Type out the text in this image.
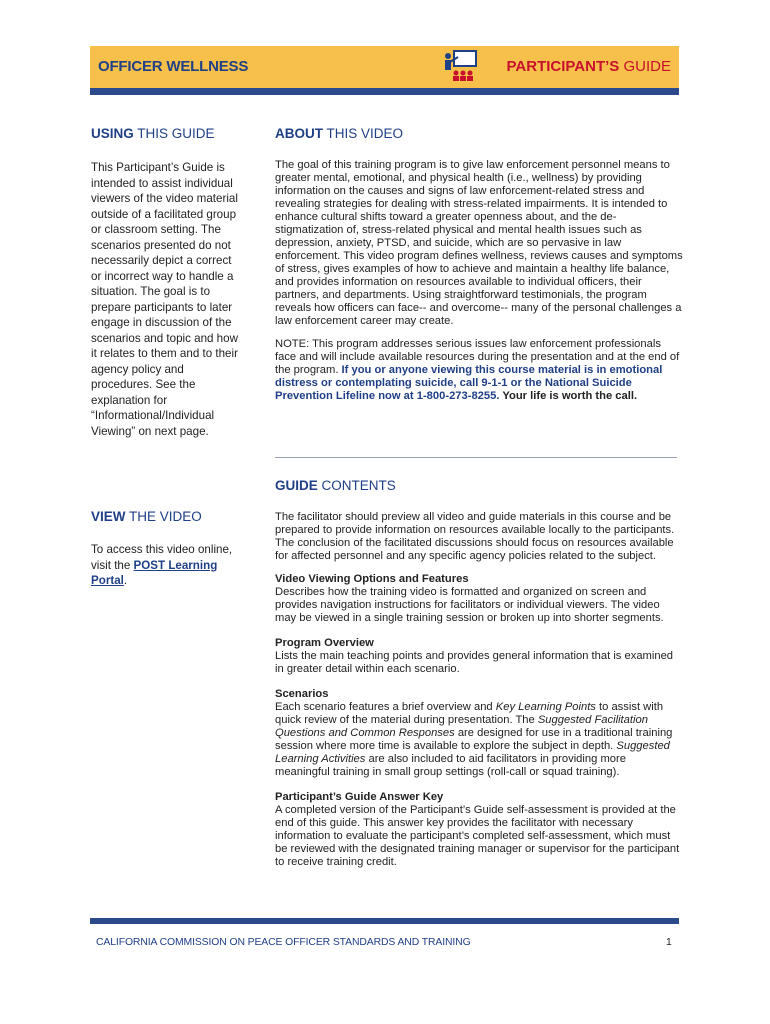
OFFICER WELLNESS	PARTICIPANT’S GUIDE
USING THIS GUIDE
This Participant’s Guide is intended to assist individual viewers of the video material outside of a facilitated group or classroom setting. The scenarios presented do not necessarily depict a correct or incorrect way to handle a situation. The goal is to prepare participants to later engage in discussion of the scenarios and topic and how it relates to them and to their agency policy and procedures. See the explanation for “Informational/Individual Viewing” on next page.
VIEW THE VIDEO
To access this video online, visit the POST Learning Portal.
ABOUT THIS VIDEO

The goal of this training program is to give law enforcement personnel means to greater mental, emotional, and physical health (i.e., wellness) by providing information on the causes and signs of law enforcement-related stress and revealing strategies for dealing with stress-related impairments. It is intended to enhance cultural shifts toward a greater openness about, and the de-stigmatization of, stress-related physical and mental health issues such as depression, anxiety, PTSD, and suicide, which are so pervasive in law enforcement. This video program defines wellness, reviews causes and symptoms of stress, gives examples of how to achieve and maintain a healthy life balance, and provides information on resources available to individual officers, their partners, and departments. Using straightforward testimonials, the program reveals how officers can face-- and overcome-- many of the personal challenges a law enforcement career may create.

NOTE: This program addresses serious issues law enforcement professionals face and will include available resources during the presentation and at the end of the program. If you or anyone viewing this course material is in emotional distress or contemplating suicide, call 9-1-1 or the National Suicide Prevention Lifeline now at 1-800-273-8255. Your life is worth the call.

GUIDE CONTENTS

The facilitator should preview all video and guide materials in this course and be prepared to provide information on resources available locally to the participants. The conclusion of the facilitated discussions should focus on resources available for affected personnel and any specific agency policies related to the subject.

Video Viewing Options and Features

Describes how the training video is formatted and organized on screen and provides navigation instructions for facilitators or individual viewers. The video may be viewed in a single training session or broken up into shorter segments.

Program Overview

Lists the main teaching points and provides general information that is examined in greater detail within each scenario.

Scenarios

Each scenario features a brief overview and Key Learning Points to assist with quick review of the material during presentation. The Suggested Facilitation Questions and Common Responses are designed for use in a traditional training session where more time is available to explore the subject in depth. Suggested Learning Activities are also included to aid facilitators in providing more meaningful training in small group settings (roll-call or squad training).

Participant’s Guide Answer Key

A completed version of the Participant’s Guide self-assessment is provided at the end of this guide. This answer key provides the facilitator with necessary information to evaluate the participant’s completed self-assessment, which must be reviewed with the designated training manager or supervisor for the participant to receive training credit.

CALIFORNIA COMMISSION ON PEACE OFFICER STANDARDS AND TRAINING	1
